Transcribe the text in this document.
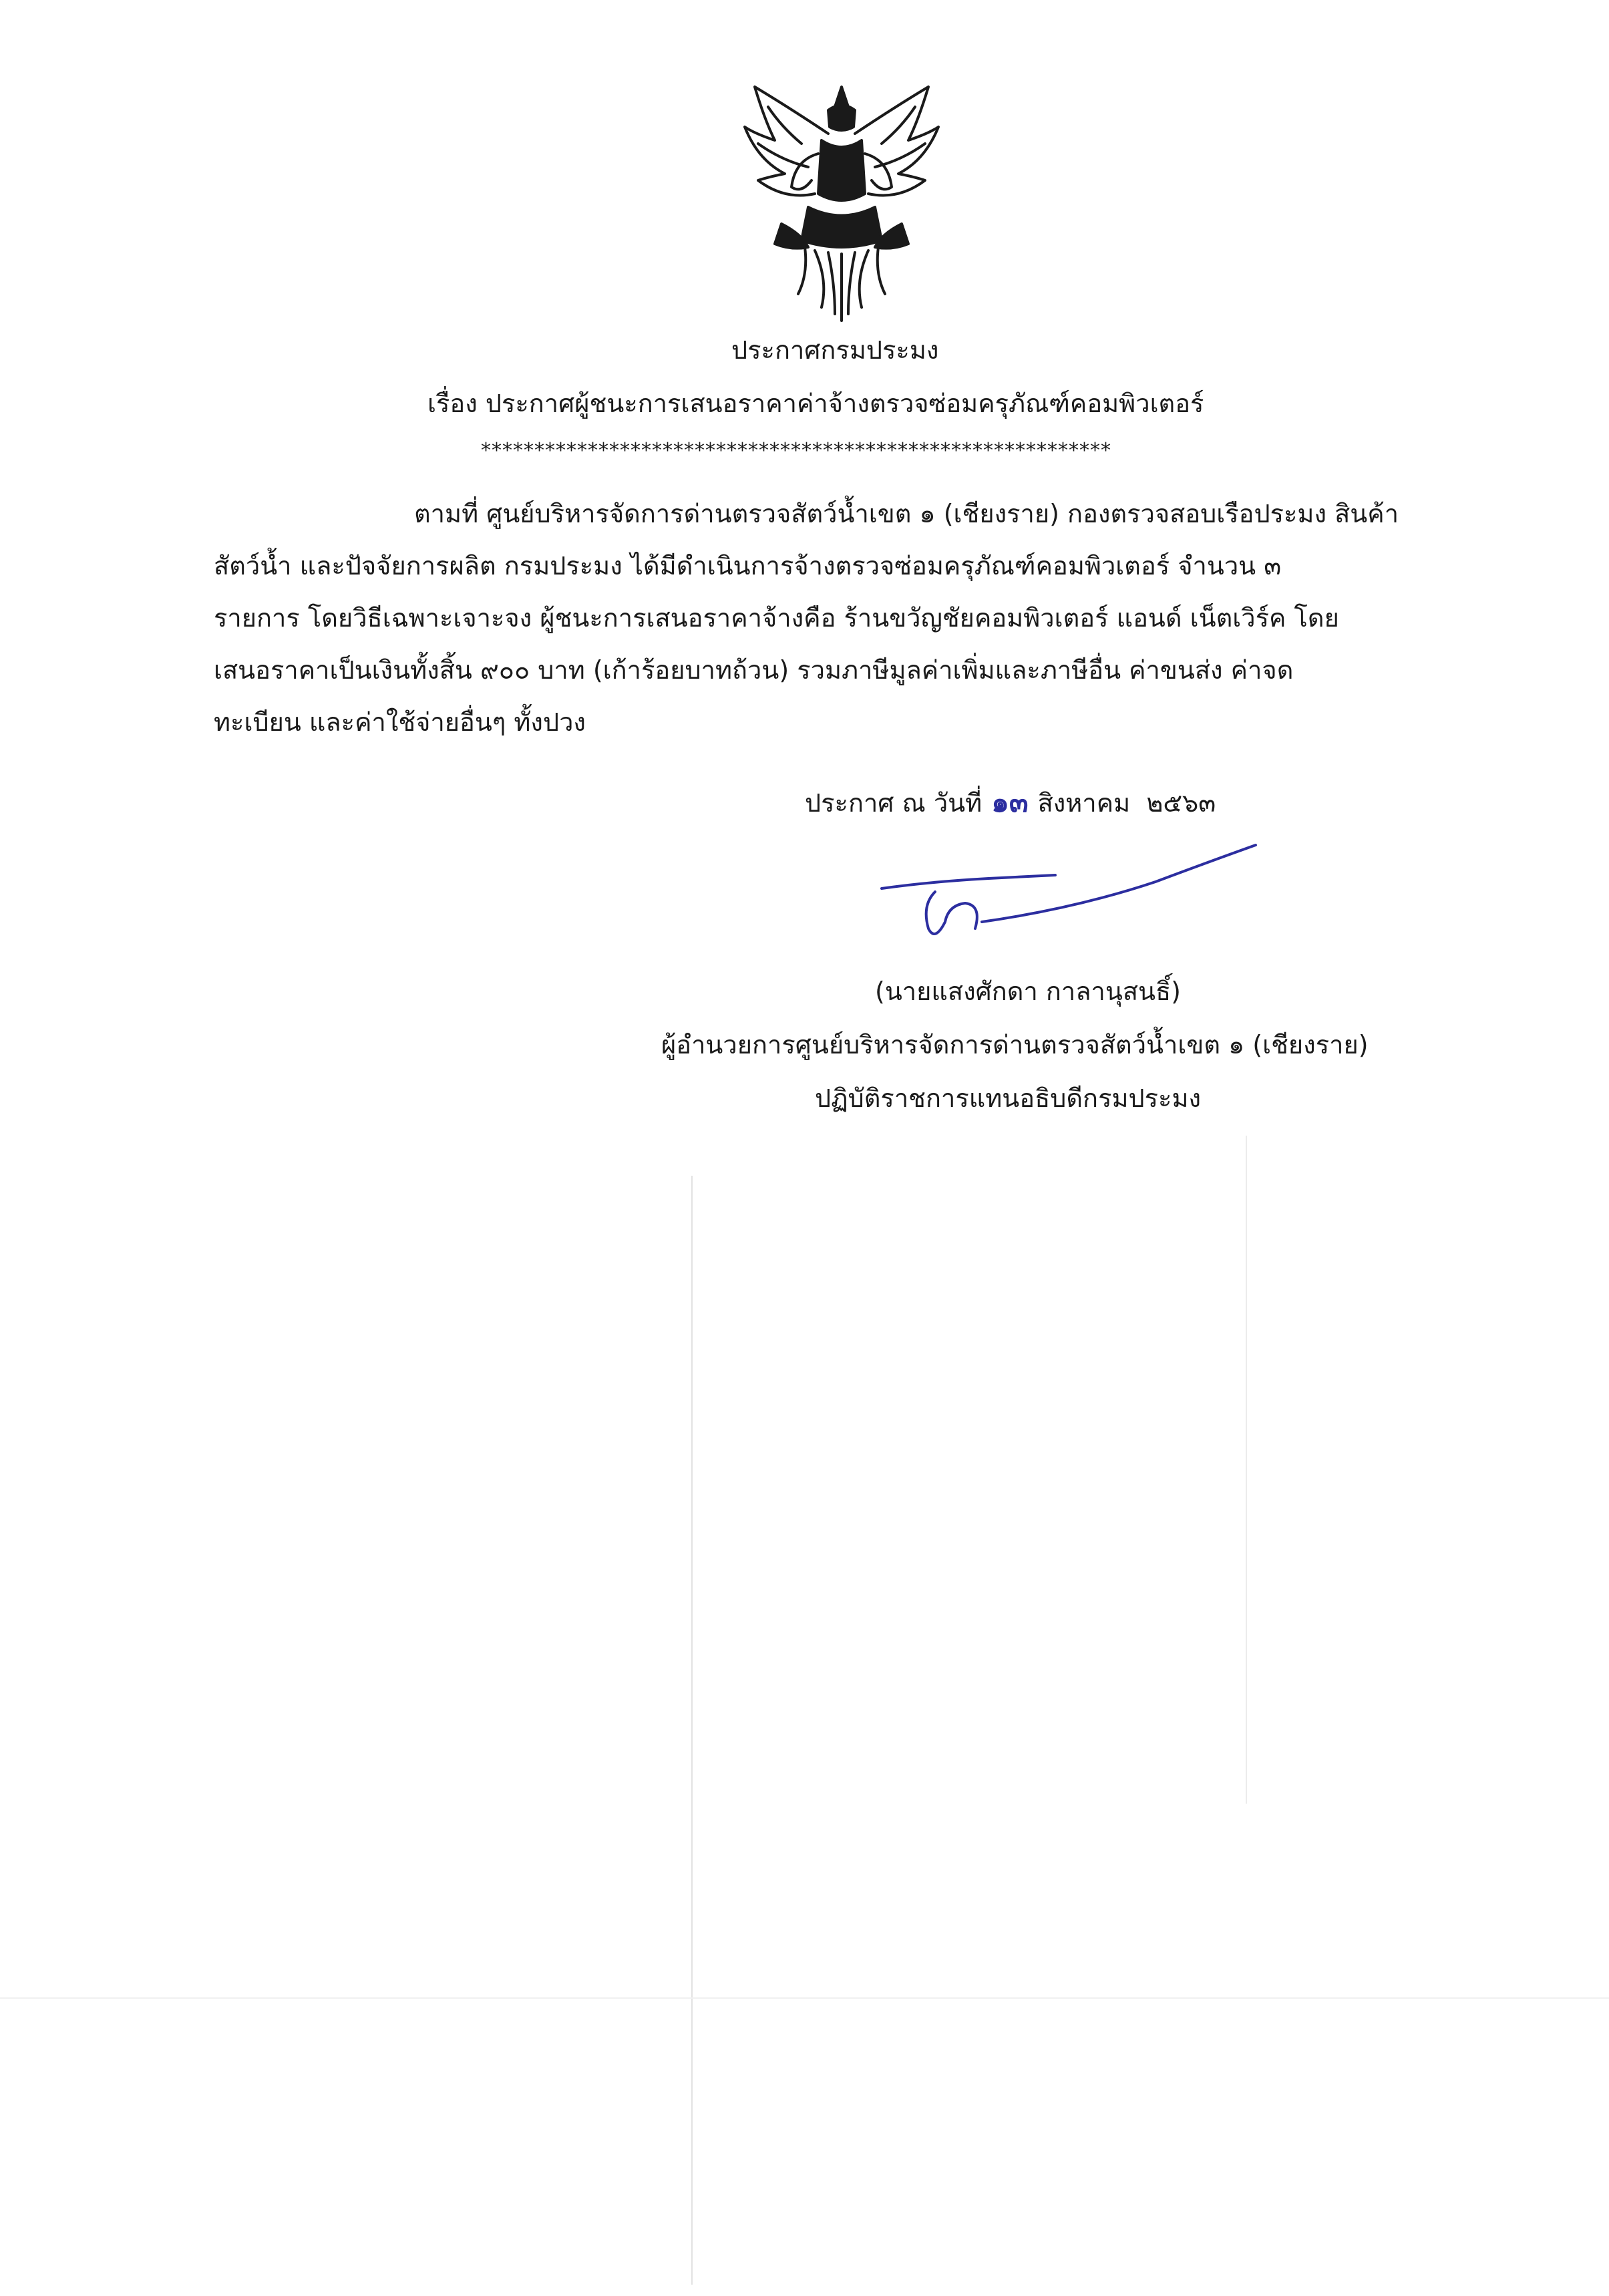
ประกาศกรมประมง
เรื่อง ประกาศผู้ชนะการเสนอราคาค่าจ้างตรวจซ่อมครุภัณฑ์คอมพิวเตอร์
***********************************************************
ตามที่ ศูนย์บริหารจัดการด่านตรวจสัตว์น้ำเขต ๑ (เชียงราย) กองตรวจสอบเรือประมง สินค้า
สัตว์น้ำ และปัจจัยการผลิต กรมประมง ได้มีดำเนินการจ้างตรวจซ่อมครุภัณฑ์คอมพิวเตอร์ จำนวน ๓
รายการ โดยวิธีเฉพาะเจาะจง ผู้ชนะการเสนอราคาจ้างคือ ร้านขวัญชัยคอมพิวเตอร์ แอนด์ เน็ตเวิร์ค โดย
เสนอราคาเป็นเงินทั้งสิ้น ๙๐๐ บาท (เก้าร้อยบาทถ้วน) รวมภาษีมูลค่าเพิ่มและภาษีอื่น ค่าขนส่ง ค่าจด
ทะเบียน และค่าใช้จ่ายอื่นๆ ทั้งปวง
ประกาศ ณ วันที่ ๑๓ สิงหาคม ๒๕๖๓
(นายแสงศักดา กาลานุสนธิ์)
ผู้อำนวยการศูนย์บริหารจัดการด่านตรวจสัตว์น้ำเขต ๑ (เชียงราย)
ปฏิบัติราชการแทนอธิบดีกรมประมง
